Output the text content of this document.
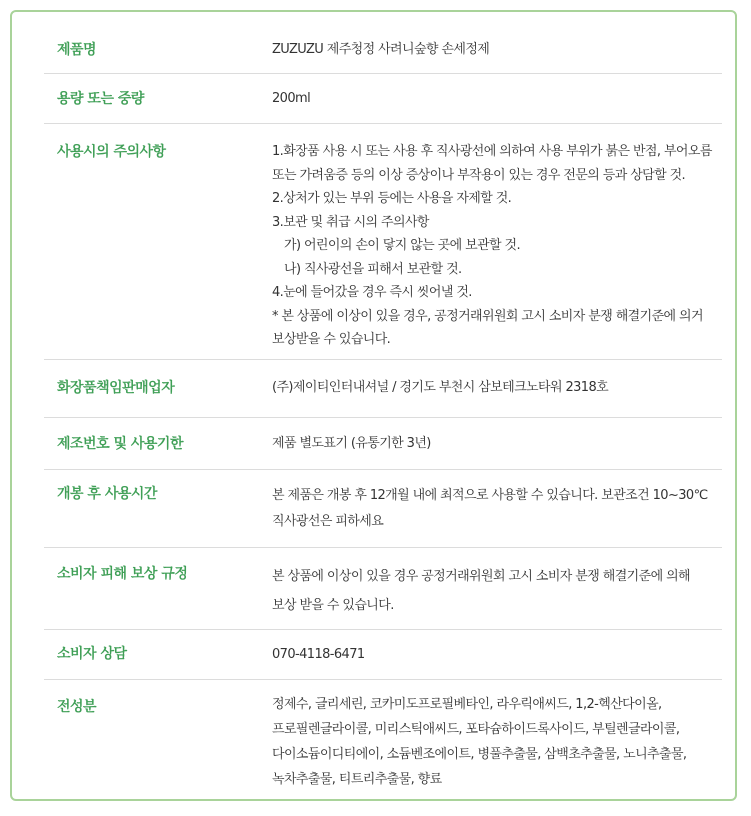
제품명	ZUZUZU 제주청정 사려니숲향 손세정제
용량 또는 중량	200ml
사용시의 주의사항	1.화장품 사용 시 또는 사용 후 직사광선에 의하여 사용 부위가 붉은 반점, 부어오름
또는 가려움증 등의 이상 증상이나 부작용이 있는 경우 전문의 등과 상담할 것.
2.상처가 있는 부위 등에는 사용을 자제할 것.
3.보관 및 취급 시의 주의사항
가) 어린이의 손이 닿지 않는 곳에 보관할 것.
나) 직사광선을 피해서 보관할 것.
4.눈에 들어갔을 경우 즉시 씻어낼 것.
* 본 상품에 이상이 있을 경우, 공정거래위원회 고시 소비자 분쟁 해결기준에 의거
보상받을 수 있습니다.
화장품책임판매업자	(주)제이티인터내셔널 / 경기도 부천시 삼보테크노타워 2318호
제조번호 및 사용기한	제품 별도표기 (유통기한 3년)
개봉 후 사용시간	본 제품은 개봉 후 12개월 내에 최적으로 사용할 수 있습니다. 보관조건 10~30℃
직사광선은 피하세요
소비자 피해 보상 규정	본 상품에 이상이 있을 경우 공정거래위원회 고시 소비자 분쟁 해결기준에 의해
보상 받을 수 있습니다.
소비자 상담	070-4118-6471
전성분	정제수, 글리세린, 코카미도프로필베타인, 라우릭애씨드, 1,2-헥산다이올,
프로필렌글라이콜, 미리스틱애씨드, 포타슘하이드록사이드, 부틸렌글라이콜,
다이소듐이디티에이, 소듐벤조에이트, 병풀추출물, 삼백초추출물, 노니추출물,
녹차추출물, 티트리추출물, 향료
